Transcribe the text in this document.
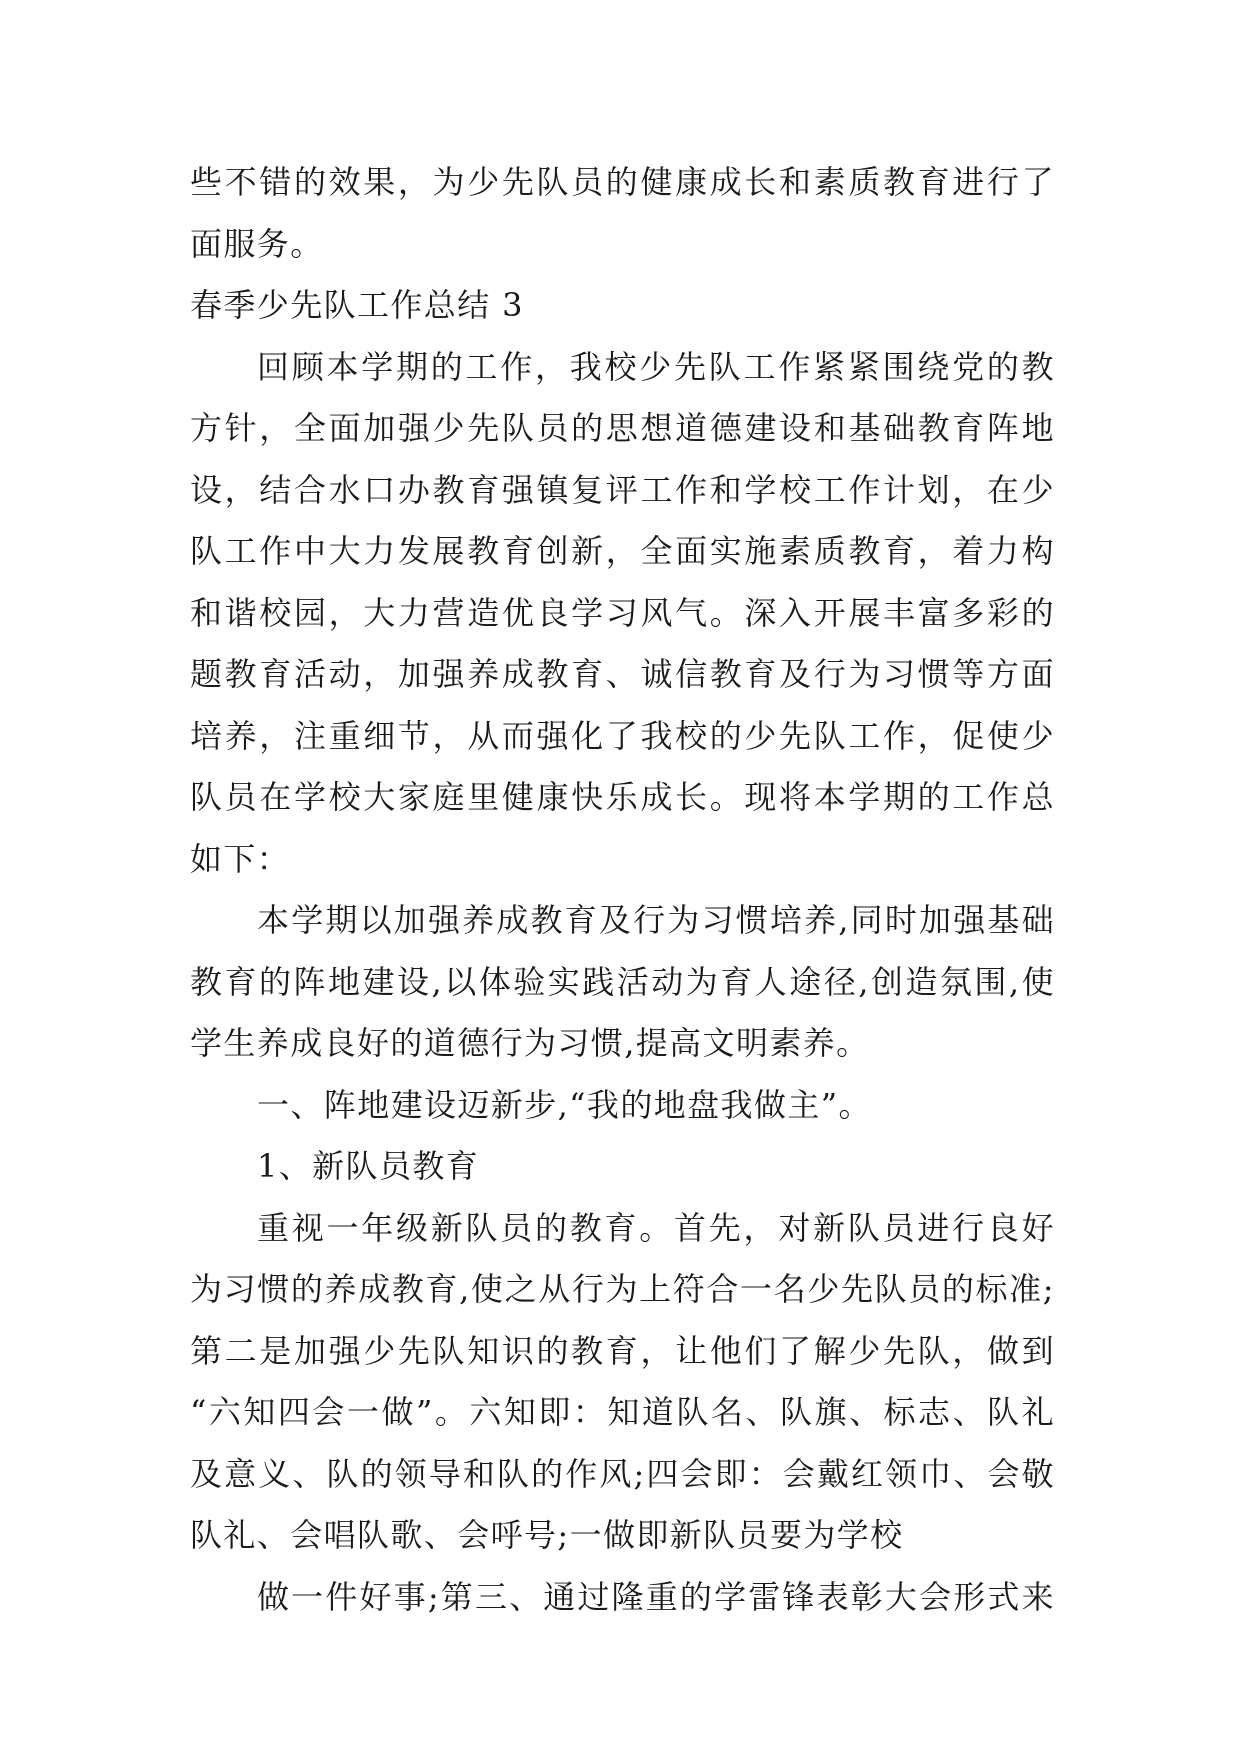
些不错的效果，为少先队员的健康成长和素质教育进行了
面服务。
春季少先队工作总结 3
回顾本学期的工作，我校少先队工作紧紧围绕党的教
方针，全面加强少先队员的思想道德建设和基础教育阵地
设，结合水口办教育强镇复评工作和学校工作计划，在少
队工作中大力发展教育创新，全面实施素质教育，着力构
和谐校园，大力营造优良学习风气。深入开展丰富多彩的
题教育活动，加强养成教育、诚信教育及行为习惯等方面
培养，注重细节，从而强化了我校的少先队工作，促使少
队员在学校大家庭里健康快乐成长。现将本学期的工作总
如下：
本学期以加强养成教育及行为习惯培养,同时加强基础
教育的阵地建设,以体验实践活动为育人途径,创造氛围,使
学生养成良好的道德行为习惯,提高文明素养。
一、阵地建设迈新步,“我的地盘我做主”。
1、新队员教育
重视一年级新队员的教育。首先，对新队员进行良好
为习惯的养成教育,使之从行为上符合一名少先队员的标准;
第二是加强少先队知识的教育，让他们了解少先队，做到
“六知四会一做”。六知即：知道队名、队旗、标志、队礼
及意义、队的领导和队的作风;四会即：会戴红领巾、会敬
队礼、会唱队歌、会呼号;一做即新队员要为学校
做一件好事;第三、通过隆重的学雷锋表彰大会形式来
